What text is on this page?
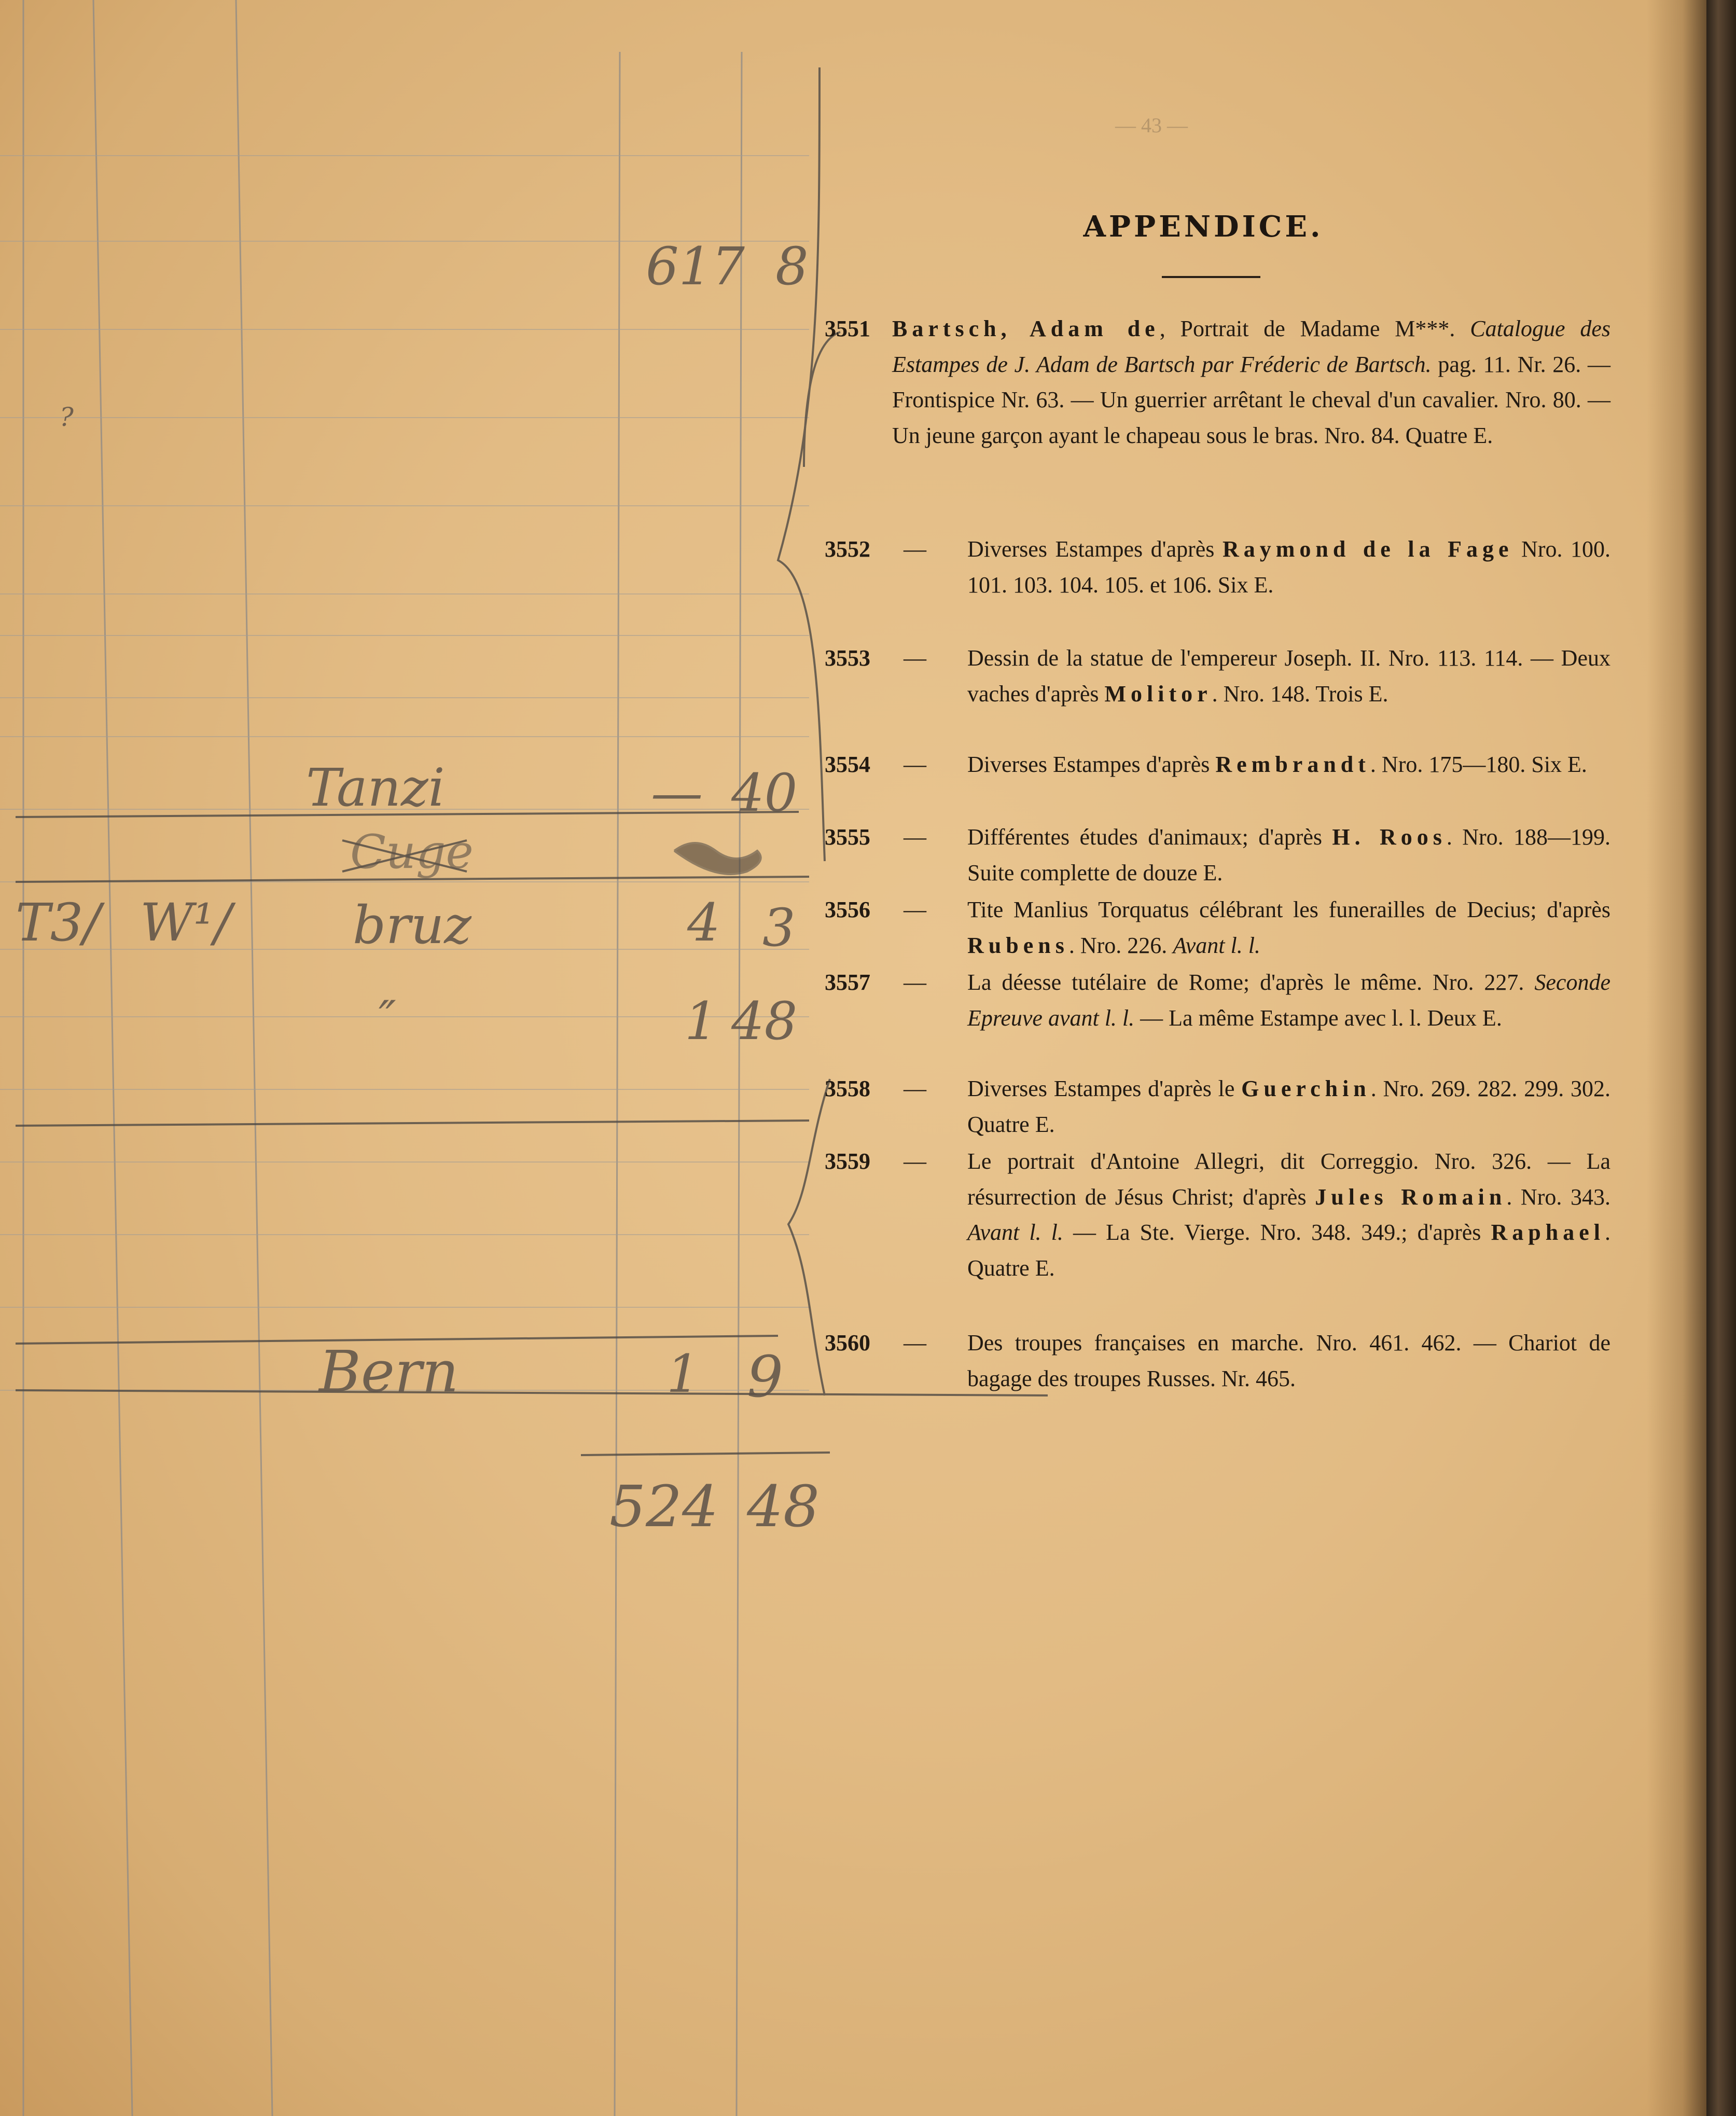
617 8
?
Tanzi	— 40
Cuge
T3/ W¹/ bruz	4 3
″	1 48
Bern	1 9
524 48
— 43 —
APPENDICE.
3551 Bartsch, Adam de, Portrait de Madame M***. Catalogue des Estampes de J. Adam de Bartsch par Fréderic de Bartsch. pag. 11. Nr. 26. — Frontispice Nr. 63. — Un guerrier arrêtant le cheval d'un cavalier. Nro. 80. — Un jeune garçon ayant le chapeau sous le bras. Nro. 84. Quatre E.
3552	—	Diverses Estampes d'après Raymond de la Fage Nro. 100. 101. 103. 104. 105. et 106. Six E.
3553	—	Dessin de la statue de l'empereur Joseph. II. Nro. 113. 114. — Deux vaches d'après Molitor. Nro. 148. Trois E.
3554	—	Diverses Estampes d'après Rembrandt. Nro. 175—180. Six E.
3555	—	Différentes études d'animaux; d'après H. Roos. Nro. 188—199. Suite complette de douze E.
3556	—	Tite Manlius Torquatus célébrant les funerailles de Decius; d'après Rubens. Nro. 226. Avant l. l.
3557	—	La déesse tutélaire de Rome; d'après le même. Nro. 227. Seconde Epreuve avant l. l. — La même Estampe avec l. l. Deux E.
3558	—	Diverses Estampes d'après le Guerchin. Nro. 269. 282. 299. 302. Quatre E.
3559	—	Le portrait d'Antoine Allegri, dit Correggio. Nro. 326. — La résurrection de Jésus Christ; d'après Jules Romain. Nro. 343. Avant l. l. — La Ste. Vierge. Nro. 348. 349.; d'après Raphael. Quatre E.
3560	—	Des troupes françaises en marche. Nro. 461. 462. — Chariot de bagage des troupes Russes. Nr. 465.
